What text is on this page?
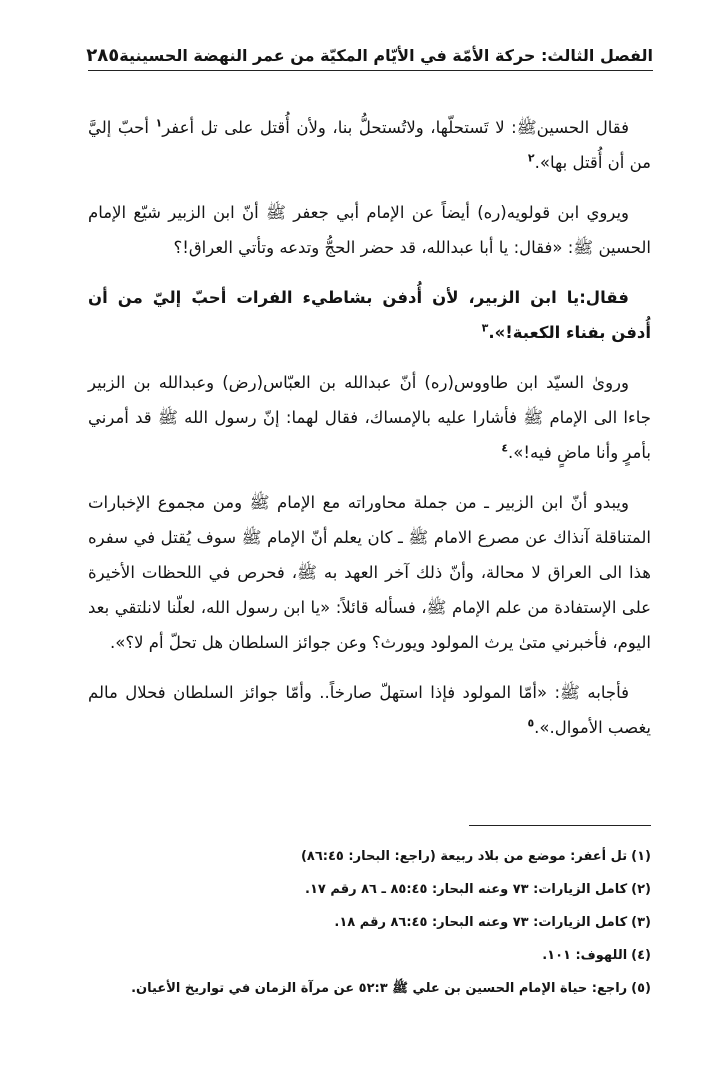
الفصل الثالث: حركة الأمّة في الأيّام المكيّة من عمر النهضة الحسينية
٢٨٥

فقال الحسينﷺ: لا تَستحلّها، ولاتُستحلُّ بنا، ولأن أُقتل على تل أعفر$^١$ أحبّ إليَّ من أن أُقتل بها».$^٢$

ويروي ابن قولويه(ره) أيضاً عن الإمام أبي جعفر ﷺ أنّ ابن الزبير شيّع الإمام الحسين ﷺ: «فقال: يا أبا عبدالله، قد حضر الحجُّ وتدعه وتأتي العراق!؟

فقال:يا ابن الزبير، لأن أُدفن بشاطيء الفرات أحبّ إليّ من أن أُدفن بفناء الكعبة!».$^٣$

وروىٰ السيّد ابن طاووس(ره) أنّ عبدالله بن العبّاس(رض) وعبدالله بن الزبير جاءا الى الإمام ﷺ فأشارا عليه بالإمساك، فقال لهما: إنّ رسول الله ﷺ قد أمرني بأمرٍ وأنا ماضٍ فيه!».$^٤$

ويبدو أنّ ابن الزبير ـ من جملة محاوراته مع الإمام ﷺ ومن مجموع الإخبارات المتناقلة آنذاك عن مصرع الامام ﷺ ـ كان يعلم أنّ الإمام ﷺ سوف يُقتل في سفره هذا الى العراق لا محالة، وأنّ ذلك آخر العهد به ﷺ، فحرص في اللحظات الأخيرة على الإستفادة من علم الإمام ﷺ، فسأله قائلاً: «يا ابن رسول الله، لعلّنا لانلتقي بعد اليوم، فأخبرني متىٰ يرث المولود ويورث؟ وعن جوائز السلطان هل تحلّ أم لا؟».

فأجابه ﷺ: «أمّا المولود فإذا استهلّ صارخاً.. وأمّا جوائز السلطان فحلال مالم يغصب الأموال.».$^٥$

(١)تل أعفر: موضع من بلاد ربيعة (راجع: البحار: ٨٦:٤٥)
(٢)كامل الزيارات: ٧٣ وعنه البحار: ٨٥:٤٥ ـ ٨٦ رقم ١٧.
(٣)كامل الزيارات: ٧٣ وعنه البحار: ٨٦:٤٥ رقم ١٨.
(٤)اللهوف: ١٠١.
(٥)راجع: حياة الإمام الحسين بن علي ﷺ ٥٢:٣ عن مرآة الزمان في تواريخ الأعيان.
